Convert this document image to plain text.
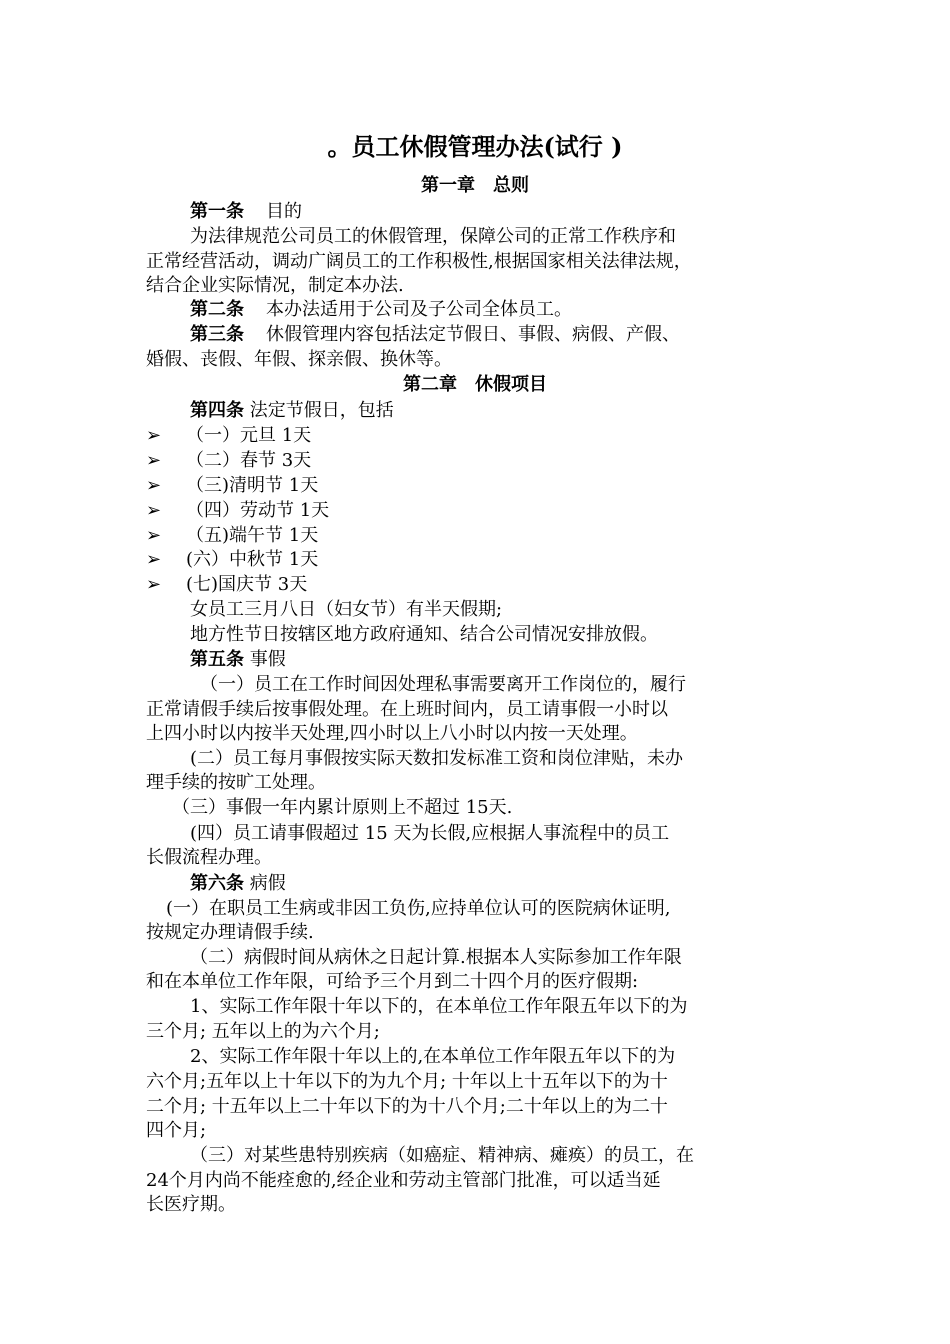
。员工休假管理办法(试行 )
第一章　总则
第一条 目的
为法律规范公司员工的休假管理，保障公司的正常工作秩序和
正常经营活动，调动广阔员工的工作积极性,根据国家相关法律法规，
结合企业实际情况，制定本办法.
第二条 本办法适用于公司及子公司全体员工。
第三条 休假管理内容包括法定节假日、事假、病假、产假、
婚假、丧假、年假、探亲假、换休等。
第二章　休假项目
第四条 法定节假日，包括
➢ （一）元旦 1天
➢ （二）春节 3天
➢ （三)清明节 1天
➢ （四）劳动节 1天
➢ （五)端午节 1天
➢ (六）中秋节 1天
➢ (七)国庆节 3天
女员工三月八日（妇女节）有半天假期;
地方性节日按辖区地方政府通知、结合公司情况安排放假。
第五条 事假
（一）员工在工作时间因处理私事需要离开工作岗位的，履行
正常请假手续后按事假处理。在上班时间内，员工请事假一小时以
上四小时以内按半天处理,四小时以上八小时以内按一天处理。
(二）员工每月事假按实际天数扣发标准工资和岗位津贴，未办
理手续的按旷工处理。
（三）事假一年内累计原则上不超过 15天.
(四）员工请事假超过 15 天为长假,应根据人事流程中的员工
长假流程办理。
第六条 病假
(一）在职员工生病或非因工负伤,应持单位认可的医院病休证明,
按规定办理请假手续.
（二）病假时间从病休之日起计算.根据本人实际参加工作年限
和在本单位工作年限，可给予三个月到二十四个月的医疗假期:
1、实际工作年限十年以下的，在本单位工作年限五年以下的为
三个月; 五年以上的为六个月;
2、实际工作年限十年以上的,在本单位工作年限五年以下的为
六个月;五年以上十年以下的为九个月; 十年以上十五年以下的为十
二个月; 十五年以上二十年以下的为十八个月;二十年以上的为二十
四个月;
（三）对某些患特别疾病（如癌症、精神病、瘫痪）的员工，在
24个月内尚不能痊愈的,经企业和劳动主管部门批准，可以适当延
长医疗期。
